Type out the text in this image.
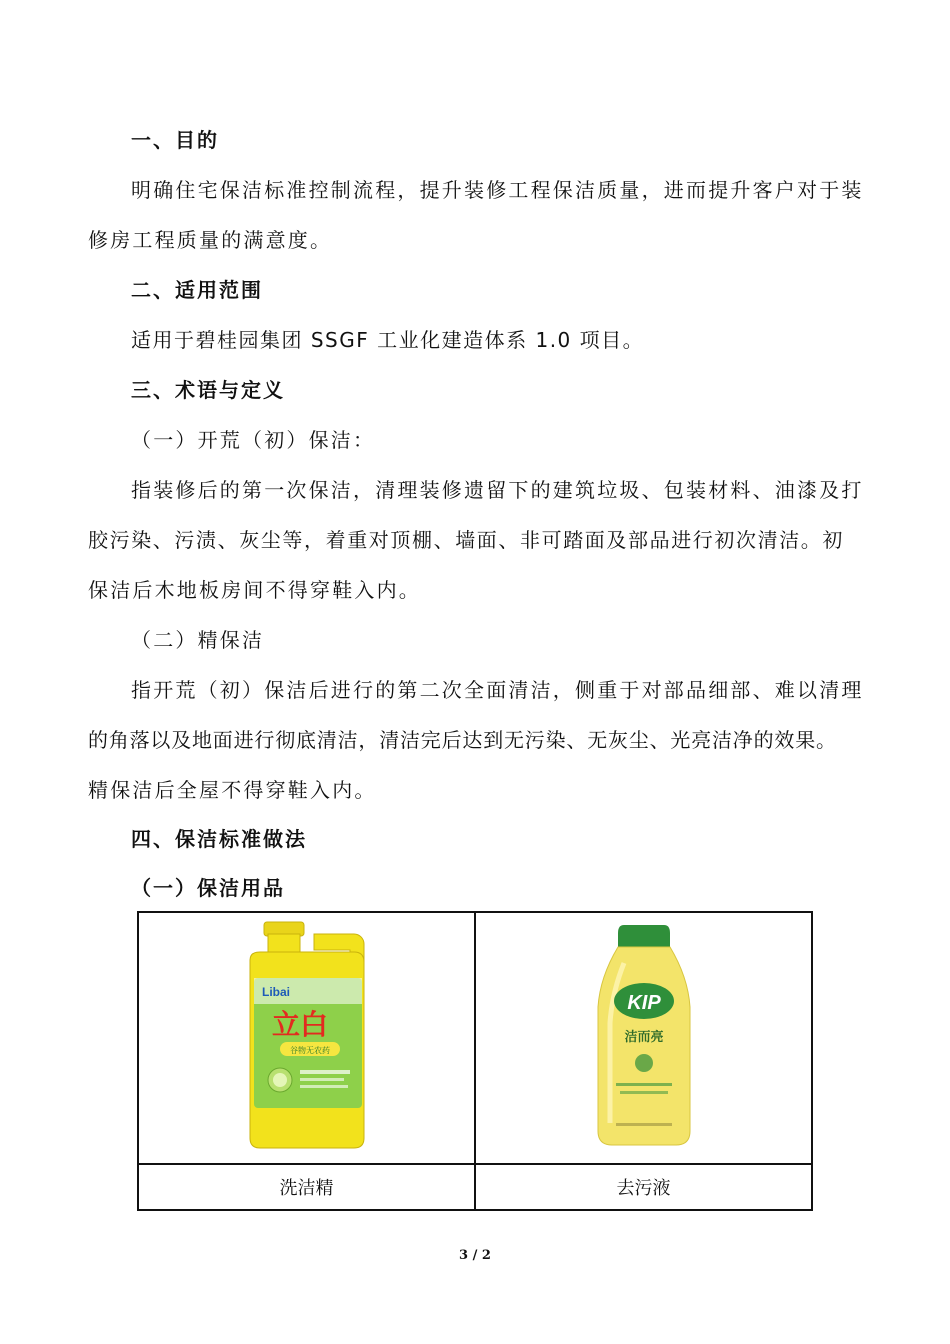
一、目的
明确住宅保洁标准控制流程，提升装修工程保洁质量，进而提升客户对于装
修房工程质量的满意度。
二、适用范围
适用于碧桂园集团 SSGF 工业化建造体系 1.0 项目。
三、术语与定义
（一）开荒（初）保洁：
指装修后的第一次保洁，清理装修遗留下的建筑垃圾、包装材料、油漆及打
胶污染、污渍、灰尘等，着重对顶棚、墙面、非可踏面及部品进行初次清洁。初
保洁后木地板房间不得穿鞋入内。
（二）精保洁
指开荒（初）保洁后进行的第二次全面清洁，侧重于对部品细部、难以清理
的角落以及地面进行彻底清洁，清洁完后达到无污染、无灰尘、光亮洁净的效果。
精保洁后全屋不得穿鞋入内。
四、保洁标准做法
（一）保洁用品
Libai
立白
谷物无农药	KIP
洁而亮

洗洁精	去污液
3 / 2
